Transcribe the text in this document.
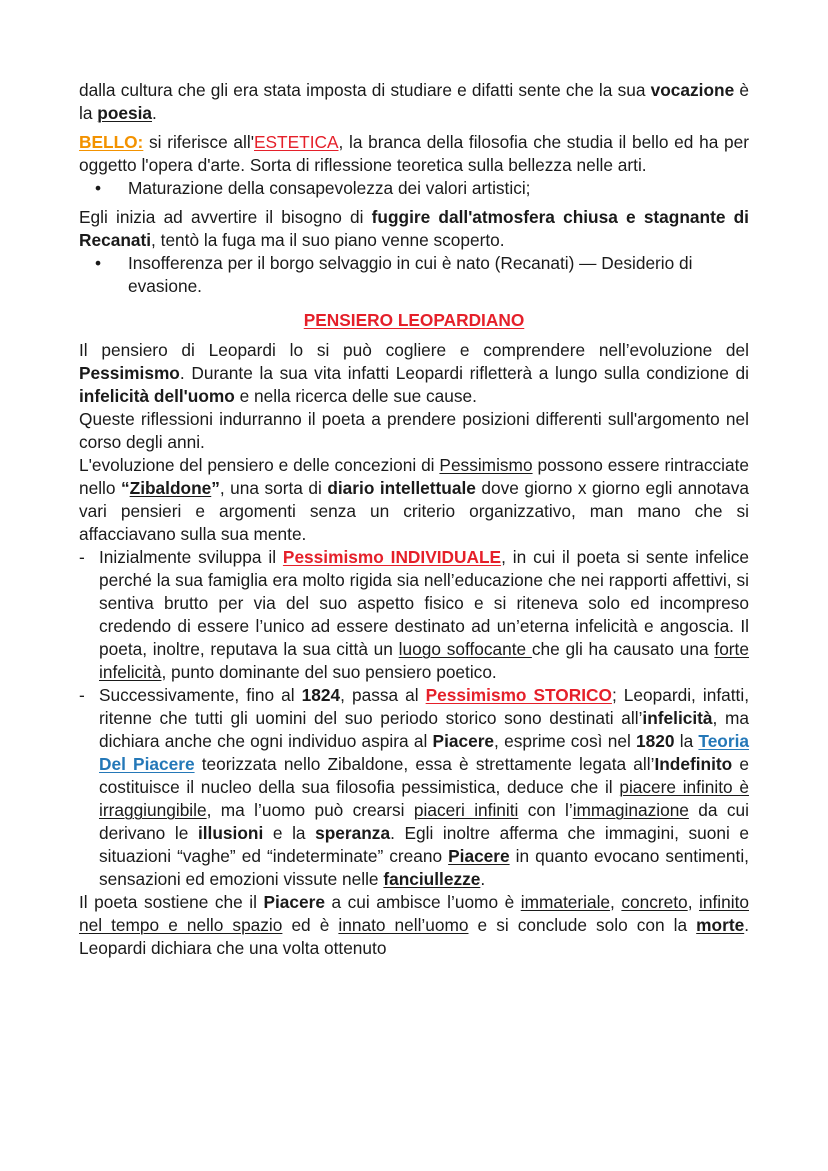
dalla cultura che gli era stata imposta di studiare e difatti sente che la sua vocazione è la poesia.

BELLO: si riferisce all'ESTETICA, la branca della filosofia che studia il bello ed ha per oggetto l'opera d'arte. Sorta di riflessione teoretica sulla bellezza nelle arti.

• Maturazione della consapevolezza dei valori artistici;

Egli inizia ad avvertire il bisogno di fuggire dall'atmosfera chiusa e stagnante di Recanati, tentò la fuga ma il suo piano venne scoperto.

• Insofferenza per il borgo selvaggio in cui è nato (Recanati) — Desiderio di evasione.

PENSIERO LEOPARDIANO

Il pensiero di Leopardi lo si può cogliere e comprendere nell’evoluzione del Pessimismo. Durante la sua vita infatti Leopardi rifletterà a lungo sulla condizione di infelicità dell'uomo e nella ricerca delle sue cause.

Queste riflessioni indurranno il poeta a prendere posizioni differenti sull'argomento nel corso degli anni.

L'evoluzione del pensiero e delle concezioni di Pessimismo possono essere rintracciate nello “Zibaldone”, una sorta di diario intellettuale dove giorno x giorno egli annotava vari pensieri e argomenti senza un criterio organizzativo, man mano che si affacciavano sulla sua mente.

- Inizialmente sviluppa il Pessimismo INDIVIDUALE, in cui il poeta si sente infelice perché la sua famiglia era molto rigida sia nell’educazione che nei rapporti affettivi, si sentiva brutto per via del suo aspetto fisico e si riteneva solo ed incompreso credendo di essere l’unico ad essere destinato ad un’eterna infelicità e angoscia. Il poeta, inoltre, reputava la sua città un luogo soffocante che gli ha causato una forte infelicità, punto dominante del suo pensiero poetico.
- Successivamente, fino al 1824, passa al Pessimismo STORICO; Leopardi, infatti, ritenne che tutti gli uomini del suo periodo storico sono destinati all’infelicità, ma dichiara anche che ogni individuo aspira al Piacere, esprime così nel 1820 la Teoria Del Piacere teorizzata nello Zibaldone, essa è strettamente legata all’Indefinito e costituisce il nucleo della sua filosofia pessimistica, deduce che il piacere infinito è irraggiungibile, ma l’uomo può crearsi piaceri infiniti con l’immaginazione da cui derivano le illusioni e la speranza. Egli inoltre afferma che immagini, suoni e situazioni “vaghe” ed “indeterminate” creano Piacere in quanto evocano sentimenti, sensazioni ed emozioni vissute nelle fanciullezze.

Il poeta sostiene che il Piacere a cui ambisce l’uomo è immateriale, concreto, infinito nel tempo e nello spazio ed è innato nell’uomo e si conclude solo con la morte. Leopardi dichiara che una volta ottenuto
